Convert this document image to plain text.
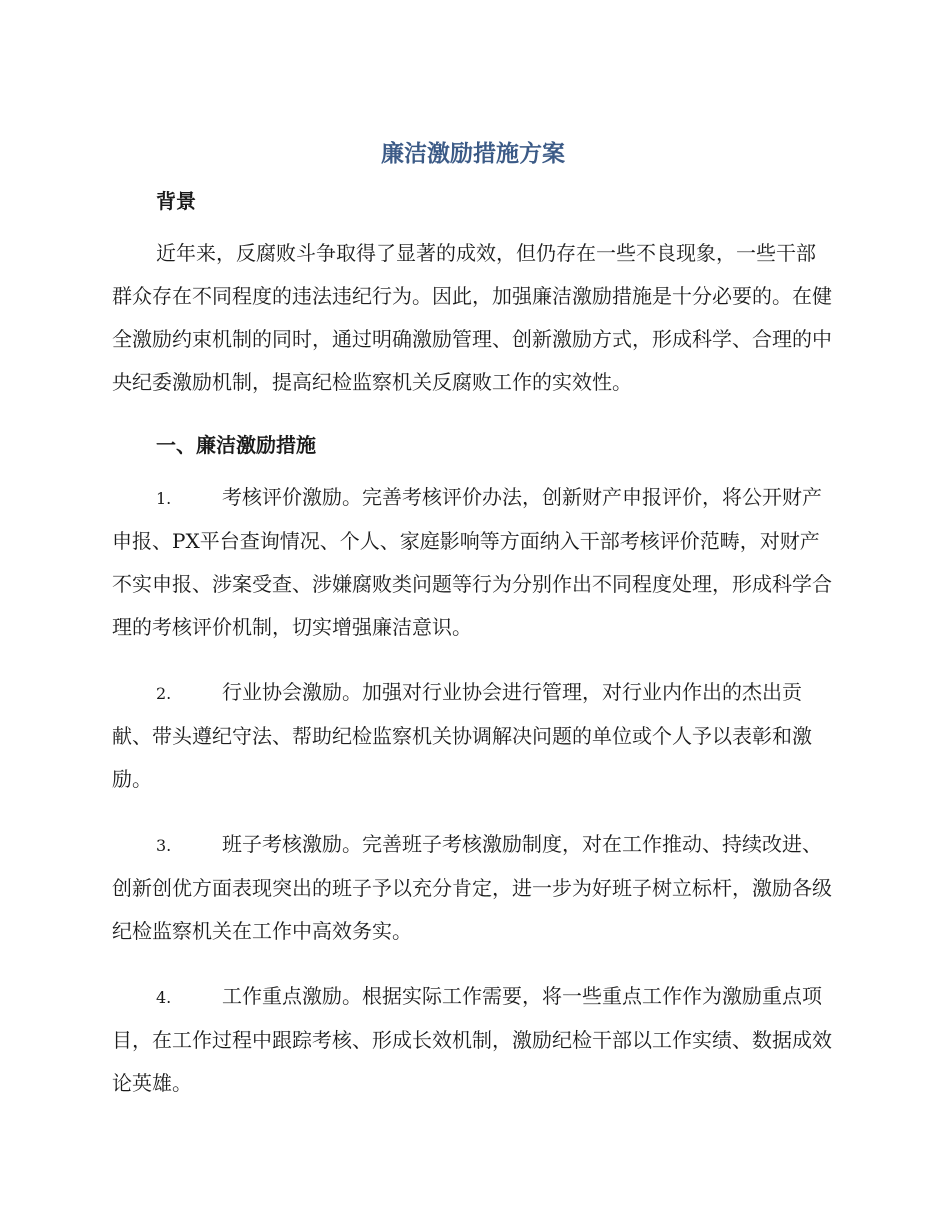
廉洁激励措施方案
背景

近年来，反腐败斗争取得了显著的成效，但仍存在一些不良现象，一些干部群众存在不同程度的违法违纪行为。因此，加强廉洁激励措施是十分必要的。在健全激励约束机制的同时，通过明确激励管理、创新激励方式，形成科学、合理的中央纪委激励机制，提高纪检监察机关反腐败工作的实效性。

一、廉洁激励措施
1.	考核评价激励。完善考核评价办法，创新财产申报评价，将公开财产申报、PX平台查询情况、个人、家庭影响等方面纳入干部考核评价范畴，对财产不实申报、涉案受查、涉嫌腐败类问题等行为分别作出不同程度处理，形成科学合理的考核评价机制，切实增强廉洁意识。
2.	行业协会激励。加强对行业协会进行管理，对行业内作出的杰出贡献、带头遵纪守法、帮助纪检监察机关协调解决问题的单位或个人予以表彰和激励。
3.	班子考核激励。完善班子考核激励制度，对在工作推动、持续改进、创新创优方面表现突出的班子予以充分肯定，进一步为好班子树立标杆，激励各级纪检监察机关在工作中高效务实。
4.	工作重点激励。根据实际工作需要，将一些重点工作作为激励重点项目，在工作过程中跟踪考核、形成长效机制，激励纪检干部以工作实绩、数据成效论英雄。
